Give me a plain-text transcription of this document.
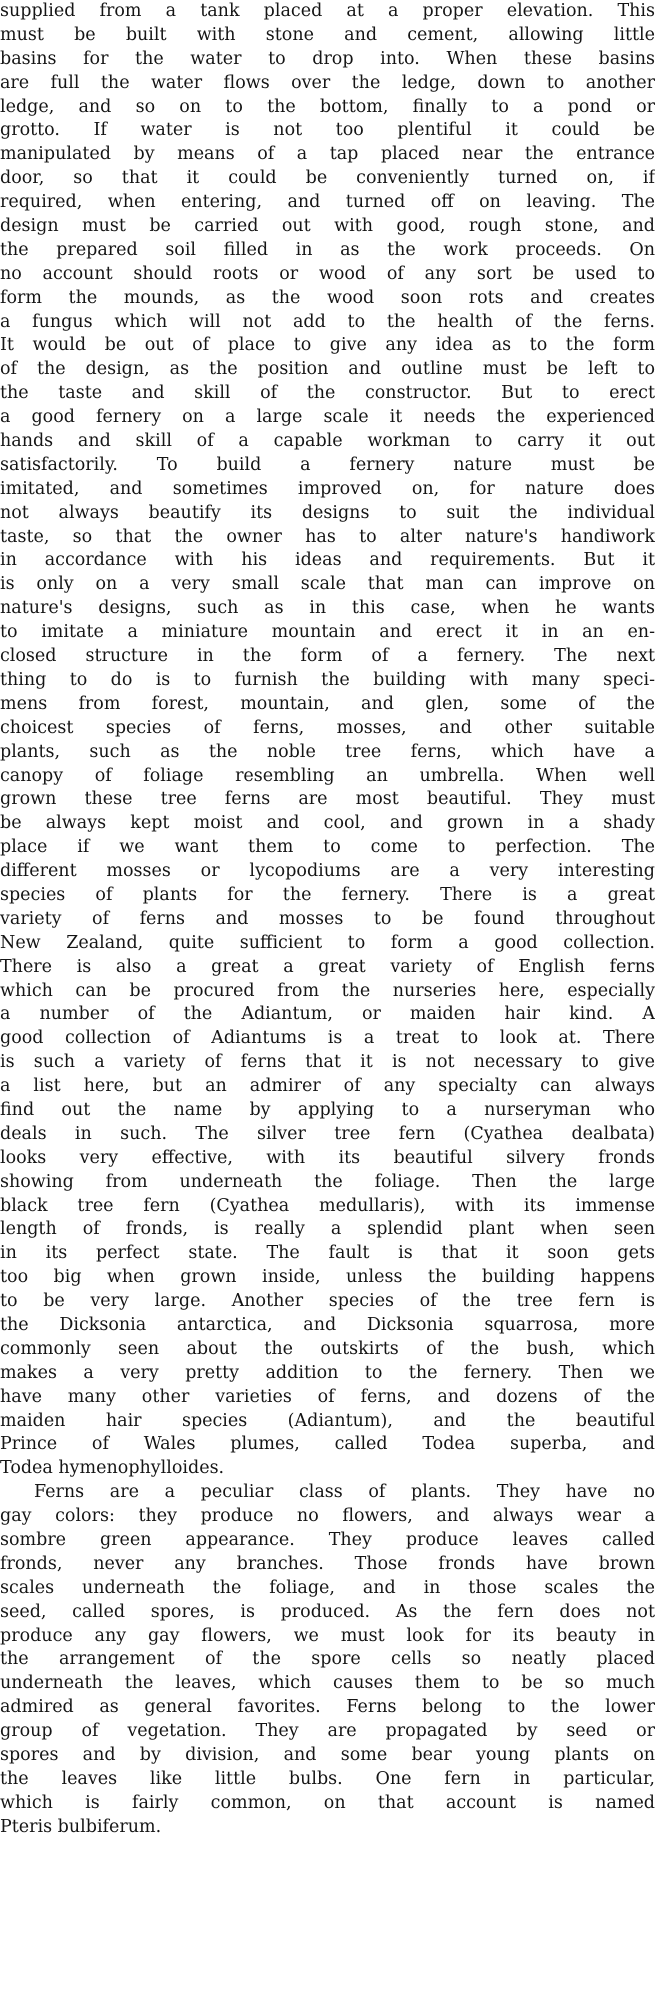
supplied from a tank placed at a proper elevation. This
must be built with stone and cement, allowing little
basins for the water to drop into. When these basins
are full the water flows over the ledge, down to another
ledge, and so on to the bottom, finally to a pond or
grotto. If water is not too plentiful it could be
manipulated by means of a tap placed near the entrance
door, so that it could be conveniently turned on, if
required, when entering, and turned off on leaving. The
design must be carried out with good, rough stone, and
the prepared soil filled in as the work proceeds. On
no account should roots or wood of any sort be used to
form the mounds, as the wood soon rots and creates
a fungus which will not add to the health of the ferns.
It would be out of place to give any idea as to the form
of the design, as the position and outline must be left to
the taste and skill of the constructor. But to erect
a good fernery on a large scale it needs the experienced
hands and skill of a capable workman to carry it out
satisfactorily. To build a fernery nature must be
imitated, and sometimes improved on, for nature does
not always beautify its designs to suit the individual
taste, so that the owner has to alter nature's handiwork
in accordance with his ideas and requirements. But it
is only on a very small scale that man can improve on
nature's designs, such as in this case, when he wants
to imitate a miniature mountain and erect it in an en-
closed structure in the form of a fernery. The next
thing to do is to furnish the building with many speci-
mens from forest, mountain, and glen, some of the
choicest species of ferns, mosses, and other suitable
plants, such as the noble tree ferns, which have a
canopy of foliage resembling an umbrella. When well
grown these tree ferns are most beautiful. They must
be always kept moist and cool, and grown in a shady
place if we want them to come to perfection. The
different mosses or lycopodiums are a very interesting
species of plants for the fernery. There is a great
variety of ferns and mosses to be found throughout
New Zealand, quite sufficient to form a good collection.
There is also a great a great variety of English ferns
which can be procured from the nurseries here, especially
a number of the Adiantum, or maiden hair kind. A
good collection of Adiantums is a treat to look at. There
is such a variety of ferns that it is not necessary to give
a list here, but an admirer of any specialty can always
find out the name by applying to a nurseryman who
deals in such. The silver tree fern (Cyathea dealbata)
looks very effective, with its beautiful silvery fronds
showing from underneath the foliage. Then the large
black tree fern (Cyathea medullaris), with its immense
length of fronds, is really a splendid plant when seen
in its perfect state. The fault is that it soon gets
too big when grown inside, unless the building happens
to be very large. Another species of the tree fern is
the Dicksonia antarctica, and Dicksonia squarrosa, more
commonly seen about the outskirts of the bush, which
makes a very pretty addition to the fernery. Then we
have many other varieties of ferns, and dozens of the
maiden hair species (Adiantum), and the beautiful
Prince of Wales plumes, called Todea superba, and
Todea hymenophylloides.
Ferns are a peculiar class of plants. They have no
gay colors: they produce no flowers, and always wear a
sombre green appearance. They produce leaves called
fronds, never any branches. Those fronds have brown
scales underneath the foliage, and in those scales the
seed, called spores, is produced. As the fern does not
produce any gay flowers, we must look for its beauty in
the arrangement of the spore cells so neatly placed
underneath the leaves, which causes them to be so much
admired as general favorites. Ferns belong to the lower
group of vegetation. They are propagated by seed or
spores and by division, and some bear young plants on
the leaves like little bulbs. One fern in particular,
which is fairly common, on that account is named
Pteris bulbiferum.
